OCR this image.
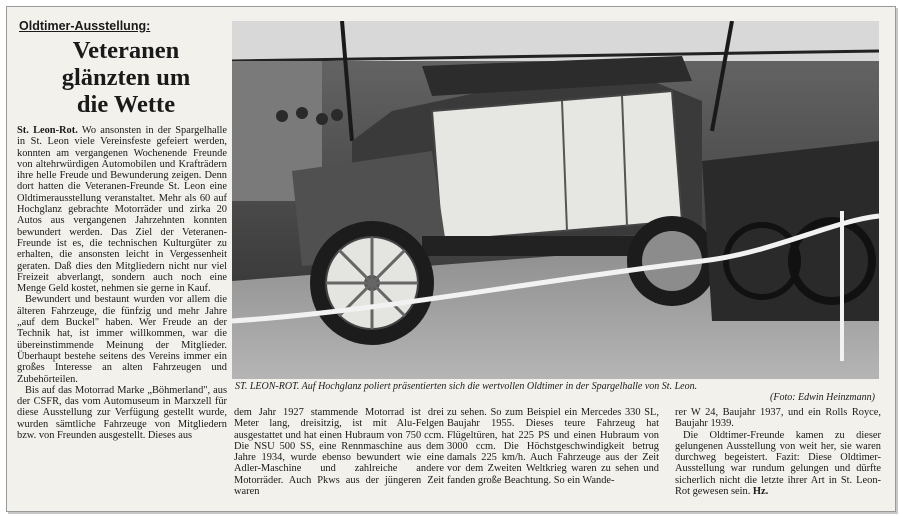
Oldtimer-Ausstellung:
Veteranen
glänzten um
die Wette

St. Leon-Rot. Wo ansonsten in der Spargelhalle in St. Leon viele Vereinsfeste gefeiert werden, konnten am vergangenen Wochenende Freunde von altehrwürdigen Automobilen und Krafträdern ihre helle Freude und Bewunderung zeigen. Denn dort hatten die Veteranen-Freunde St. Leon eine Oldtimerausstellung veranstaltet. Mehr als 60 auf Hochglanz gebrachte Motorräder und zirka 20 Autos aus vergangenen Jahrzehnten konnten bewundert werden. Das Ziel der Veteranen-Freunde ist es, die technischen Kulturgüter zu erhalten, die ansonsten leicht in Vergessenheit geraten. Daß dies den Mitgliedern nicht nur viel Freizeit abverlangt, sondern auch noch eine Menge Geld kostet, nehmen sie gerne in Kauf.

Bewundert und bestaunt wurden vor allem die älteren Fahrzeuge, die fünfzig und mehr Jahre „auf dem Buckel" haben. Wer Freude an der Technik hat, ist immer willkommen, war die übereinstimmende Meinung der Mitglieder. Überhaupt bestehe seitens des Vereins immer ein großes Interesse an alten Fahrzeugen und Zubehörteilen.

Bis auf das Motorrad Marke „Böhmerland", aus der CSFR, das vom Automuseum in Marxzell für diese Ausstellung zur Verfügung gestellt wurde, wurden sämtliche Fahrzeuge von Mitgliedern bzw. von Freunden ausgestellt. Dieses aus

ST. LEON-ROT. Auf Hochglanz poliert präsentierten sich die wertvollen Oldtimer in der Spargelhalle von St. Leon.
(Foto: Edwin Heinzmann)
dem Jahr 1927 stammende Motorrad ist drei Meter lang, dreisitzig, ist mit Alu-Felgen ausgestattet und hat einen Hubraum von 750 ccm. Die NSU 500 SS, eine Rennmaschine aus dem Jahre 1934, wurde ebenso bewundert wie eine Adler-Maschine und zahlreiche andere Motorräder. Auch Pkws aus der jüngeren Zeit waren
zu sehen. So zum Beispiel ein Mercedes 330 SL, Baujahr 1955. Dieses teure Fahrzeug hat Flügeltüren, hat 225 PS und einen Hubraum von 3000 ccm. Die Höchstgeschwindigkeit betrug damals 225 km/h. Auch Fahrzeuge aus der Zeit vor dem Zweiten Weltkrieg waren zu sehen und fanden große Beachtung. So ein Wande-

rer W 24, Baujahr 1937, und ein Rolls Royce, Baujahr 1939.

Die Oldtimer-Freunde kamen zu dieser gelungenen Ausstellung von weit her, sie waren durchweg begeistert. Fazit: Diese Oldtimer-Ausstellung war rundum gelungen und dürfte sicherlich nicht die letzte ihrer Art in St. Leon-Rot gewesen sein. Hz.
